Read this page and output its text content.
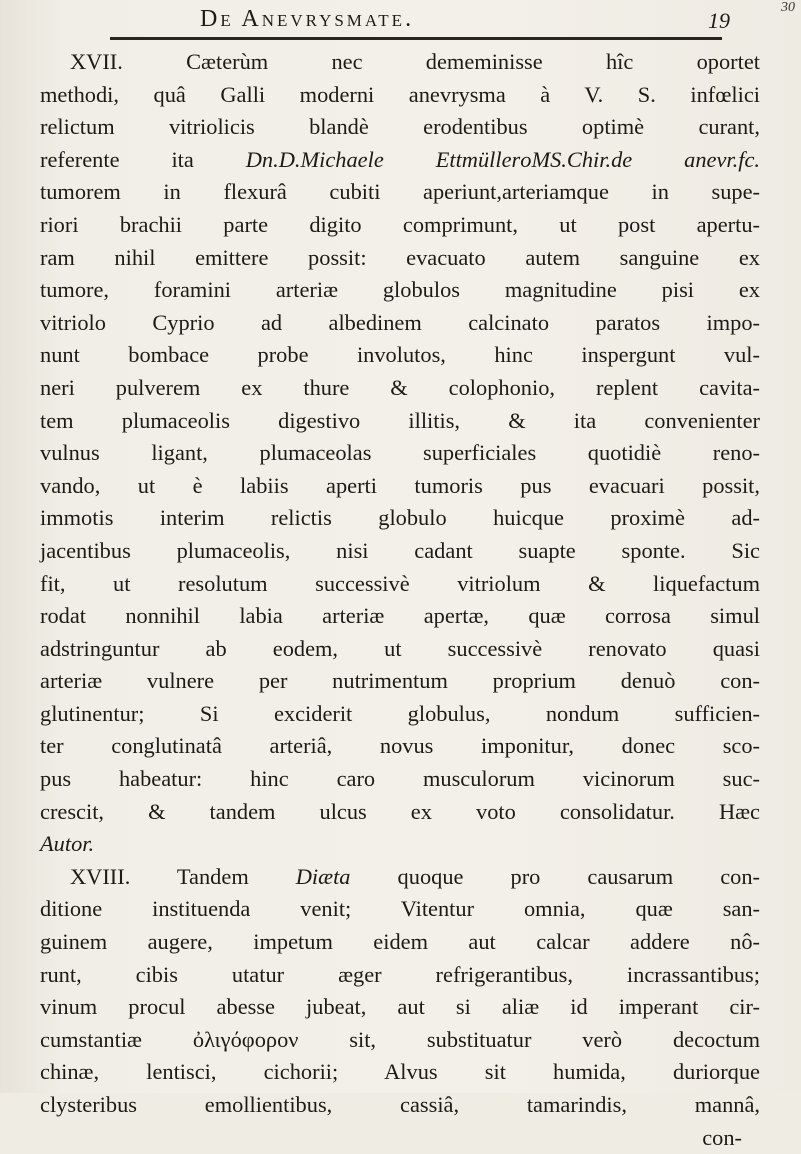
De Anevrysmate.	19
30
XVII. Cæterùm nec dememinisse hîc oportet
methodi, quâ Galli moderni anevrysma à V. S. infœlici
relictum vitriolicis blandè erodentibus optimè curant,
referente ita Dn.D.Michaele EttmüllerоMS.Chir.de anevr.fc.
tumorem in flexurâ cubiti aperiunt,arteriamque in supe-
riori brachii parte digito comprimunt, ut post apertu-
ram nihil emittere possit: evacuato autem sanguine ex
tumore, foramini arteriæ globulos magnitudine pisi ex
vitriolo Cyprio ad albedinem calcinato paratos impo-
nunt bombace probe involutos, hinc inspergunt vul-
neri pulverem ex thure & colophonio, replent cavita-
tem plumaceolis digestivo illitis, & ita convenienter
vulnus ligant, plumaceolas superficiales quotidiè reno-
vando, ut è labiis aperti tumoris pus evacuari possit,
immotis interim relictis globulo huicque proximè ad-
jacentibus plumaceolis, nisi cadant suapte sponte. Sic
fit, ut resolutum successivè vitriolum & liquefactum
rodat nonnihil labia arteriæ apertæ, quæ corrosa simul
adstringuntur ab eodem, ut successivè renovato quasi
arteriæ vulnere per nutrimentum proprium denuò con-
glutinentur; Si exciderit globulus, nondum sufficien-
ter conglutinatâ arteriâ, novus imponitur, donec sco-
pus habeatur: hinc caro musculorum vicinorum suc-
crescit, & tandem ulcus ex voto consolidatur. Hæc
Autor.
XVIII. Tandem Diæta quoque pro causarum con-
ditione instituenda venit; Vitentur omnia, quæ san-
guinem augere, impetum eidem aut calcar addere nô-
runt, cibis utatur æger refrigerantibus, incrassantibus;
vinum procul abesse jubeat, aut si aliæ id imperant cir-
cumstantiæ ὀλιγόφορον sit, substituatur verò decoctum
chinæ, lentisci, cichorii; Alvus sit humida, duriorque
clysteribus emollientibus, cassiâ, tamarindis, mannâ,
con-
